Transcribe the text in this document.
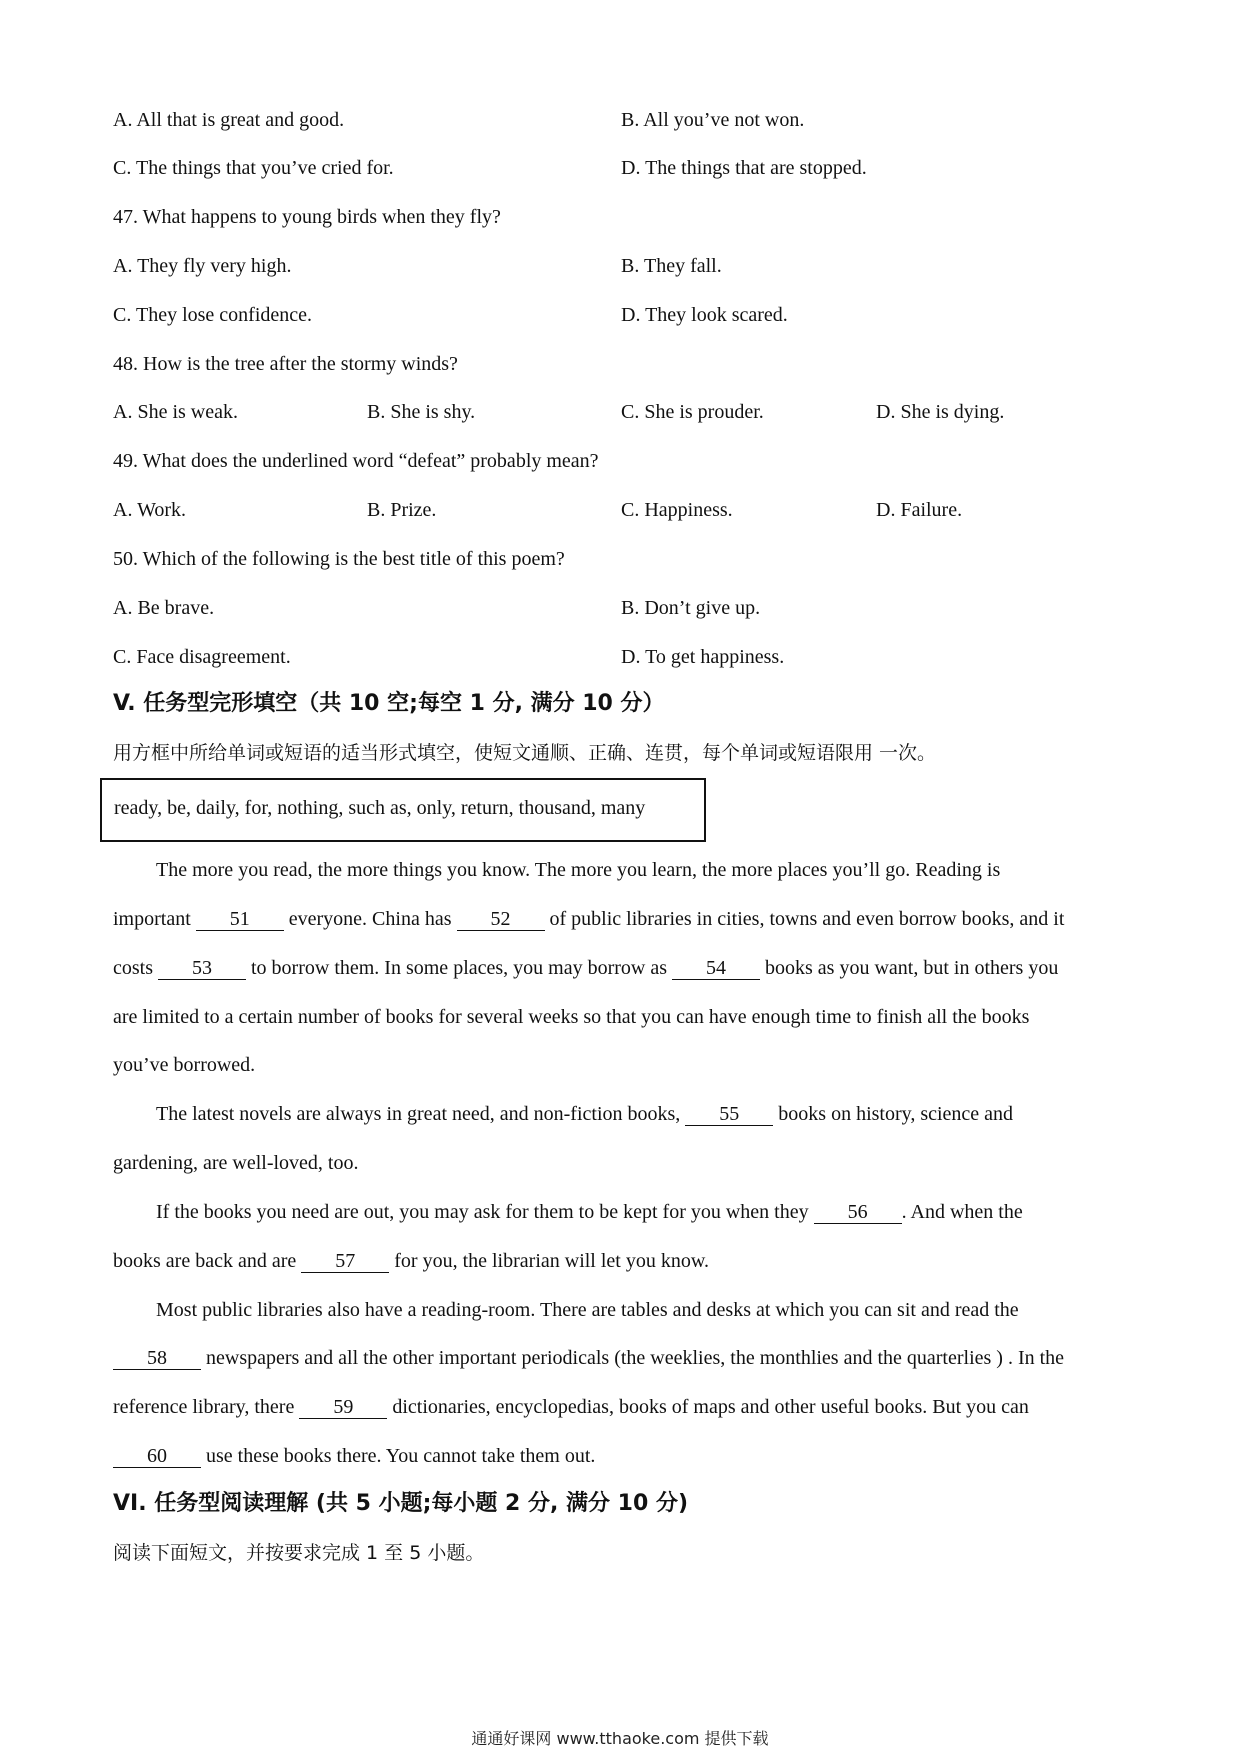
A. All that is great and good.	B. All you’ve not won.
C. The things that you’ve cried for.	D. The things that are stopped.
47. What happens to young birds when they fly?
A. They fly very high.	B. They fall.
C. They lose confidence.	D. They look scared.
48. How is the tree after the stormy winds?
A. She is weak.	B. She is shy.	C. She is prouder.	D. She is dying.
49. What does the underlined word “defeat” probably mean?
A. Work.	B. Prize.	C. Happiness.	D. Failure.
50. Which of the following is the best title of this poem?
A. Be brave.	B. Don’t give up.
C. Face disagreement.	D. To get happiness.
V. 任务型完形填空（共 10 空;每空 1 分, 满分 10 分）
用方框中所给单词或短语的适当形式填空，使短文通顺、正确、连贯，每个单词或短语限用 一次。
ready, be, daily, for, nothing, such as, only, return, thousand, many
The more you read, the more things you know. The more you learn, the more places you’ll go. Reading is
important 51 everyone. China has 52 of public libraries in cities, towns and even borrow books, and it
costs 53 to borrow them. In some places, you may borrow as 54 books as you want, but in others you
are limited to a certain number of books for several weeks so that you can have enough time to finish all the books
you’ve borrowed.
The latest novels are always in great need, and non-fiction books, 55 books on history, science and
gardening, are well-loved, too.
If the books you need are out, you may ask for them to be kept for you when they 56 . And when the
books are back and are 57 for you, the librarian will let you know.
Most public libraries also have a reading-room. There are tables and desks at which you can sit and read the
58 newspapers and all the other important periodicals (the weeklies, the monthlies and the quarterlies ) . In the
reference library, there 59 dictionaries, encyclopedias, books of maps and other useful books. But you can
60 use these books there. You cannot take them out.
VI. 任务型阅读理解 (共 5 小题;每小题 2 分, 满分 10 分)
阅读下面短文，并按要求完成 1 至 5 小题。
通通好课网 www.tthaoke.com 提供下载
